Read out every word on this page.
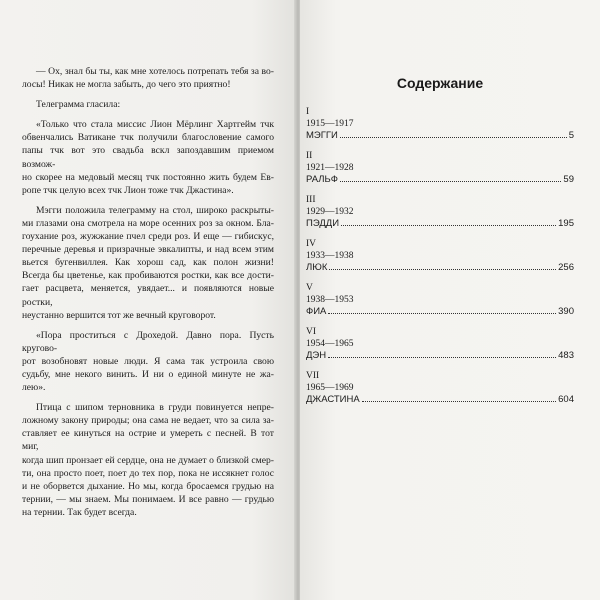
— Ох, знал бы ты, как мне хотелось потрепать тебя за во-
лосы! Никак не могла забыть, до чего это приятно!

Телеграмма гласила:

«Только что стала миссис Лион Мёрлинг Хартгейм тчк
обвенчались Ватикане тчк получили благословение самого
папы тчк вот это свадьба вскл запоздавшим приемом возмож-
но скорее на медовый месяц тчк постоянно жить будем Ев-
ропе тчк целую всех тчк Лион тоже тчк Джастина».

Мэгги положила телеграмму на стол, широко раскрыты-
ми глазами она смотрела на море осенних роз за окном. Бла-
гоухание роз, жужжание пчел среди роз. И еще — гибискус,
перечные деревья и призрачные эвкалипты, и над всем этим
вьется бугенвиллея. Как хорош сад, как полон жизни!
Всегда бы цветенье, как пробиваются ростки, как все дости-
гает расцвета, меняется, увядает... и появляются новые ростки,
неустанно вершится тот же вечный круговорот.

«Пора проститься с Дрохедой. Давно пора. Пусть кругово-
рот возобновят новые люди. Я сама так устроила свою
судьбу, мне некого винить. И ни о единой минуте не жа-
лею».

Птица с шипом терновника в груди повинуется непре-
ложному закону природы; она сама не ведает, что за сила за-
ставляет ее кинуться на острие и умереть с песней. В тот миг,
когда шип пронзает ей сердце, она не думает о близкой смер-
ти, она просто поет, поет до тех пор, пока не иссякнет голос
и не оборвется дыхание. Но мы, когда бросаемся грудью на
тернии, — мы знаем. Мы понимаем. И все равно — грудью
на тернии. Так будет всегда.

Содержание
I
1915—1917
МЭГГИ	5
II
1921—1928
РАЛЬФ	59
III
1929—1932
ПЭДДИ	195
IV
1933—1938
ЛЮК	256
V
1938—1953
ФИА	390
VI
1954—1965
ДЭН	483
VII
1965—1969
ДЖАСТИНА	604
